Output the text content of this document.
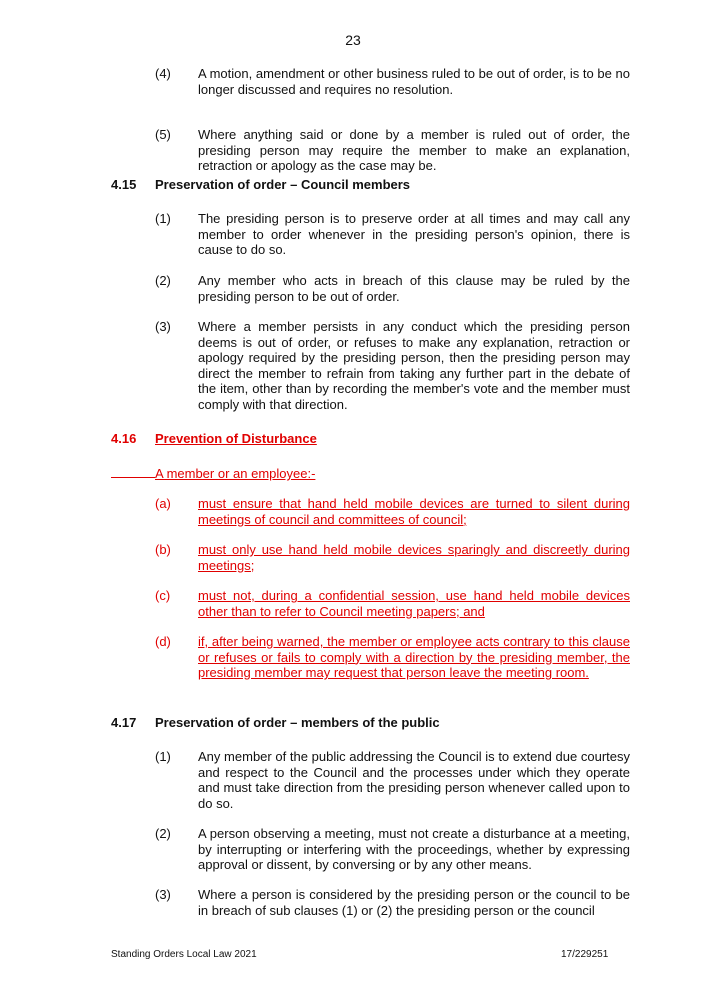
23
(4) A motion, amendment or other business ruled to be out of order, is to be no longer discussed and requires no resolution.
(5) Where anything said or done by a member is ruled out of order, the presiding person may require the member to make an explanation, retraction or apology as the case may be.
4.15 Preservation of order – Council members
(1) The presiding person is to preserve order at all times and may call any member to order whenever in the presiding person's opinion, there is cause to do so.
(2) Any member who acts in breach of this clause may be ruled by the presiding person to be out of order.
(3) Where a member persists in any conduct which the presiding person deems is out of order, or refuses to make any explanation, retraction or apology required by the presiding person, then the presiding person may direct the member to refrain from taking any further part in the debate of the item, other than by recording the member's vote and the member must comply with that direction.
4.16 Prevention of Disturbance
A member or an employee:-
(a) must ensure that hand held mobile devices are turned to silent during meetings of council and committees of council;
(b) must only use hand held mobile devices sparingly and discreetly during meetings;
(c) must not, during a confidential session, use hand held mobile devices other than to refer to Council meeting papers; and
(d) if, after being warned, the member or employee acts contrary to this clause or refuses or fails to comply with a direction by the presiding member, the presiding member may request that person leave the meeting room.
4.17 Preservation of order – members of the public
(1) Any member of the public addressing the Council is to extend due courtesy and respect to the Council and the processes under which they operate and must take direction from the presiding person whenever called upon to do so.
(2) A person observing a meeting, must not create a disturbance at a meeting, by interrupting or interfering with the proceedings, whether by expressing approval or dissent, by conversing or by any other means.
(3) Where a person is considered by the presiding person or the council to be in breach of sub clauses (1) or (2) the presiding person or the council
Standing Orders Local Law 2021	17/229251
